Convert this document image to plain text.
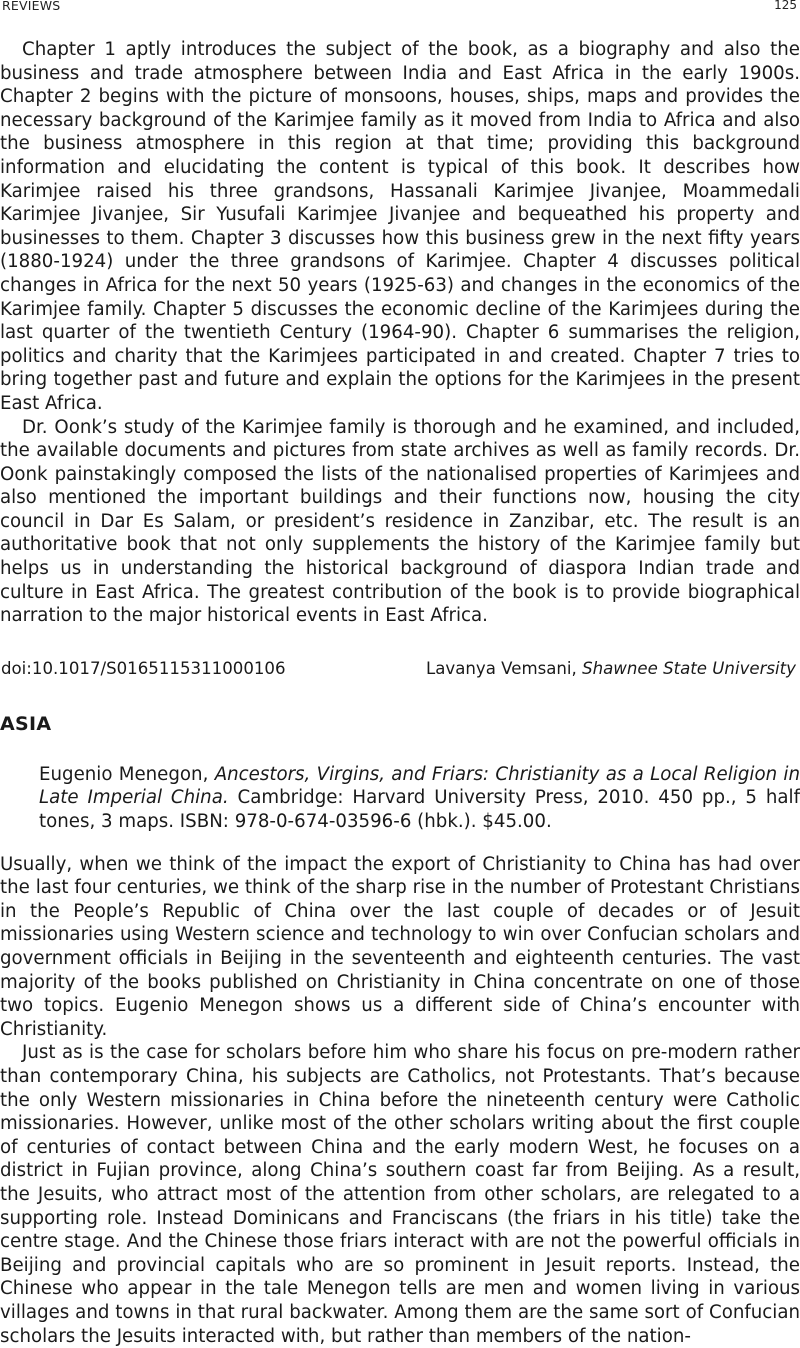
REVIEWS	125

Chapter 1 aptly introduces the subject of the book, as a biography and also the business and trade atmosphere between India and East Africa in the early 1900s. Chapter 2 begins with the picture of monsoons, houses, ships, maps and provides the necessary background of the Karimjee family as it moved from India to Africa and also the business atmosphere in this region at that time; providing this background information and elucidating the content is typical of this book. It describes how Karimjee raised his three grandsons, Hassanali Karimjee Jivanjee, Moammedali Karimjee Jivanjee, Sir Yusufali Karimjee Jivanjee and bequeathed his property and businesses to them. Chapter 3 discusses how this business grew in the next fifty years (1880-1924) under the three grandsons of Karimjee. Chapter 4 discusses political changes in Africa for the next 50 years (1925-63) and changes in the economics of the Karimjee family. Chapter 5 discusses the economic decline of the Karimjees during the last quarter of the twentieth Century (1964-90). Chapter 6 summarises the religion, politics and charity that the Karimjees participated in and created. Chapter 7 tries to bring together past and future and explain the options for the Karimjees in the present East Africa.

Dr. Oonk’s study of the Karimjee family is thorough and he examined, and included, the available documents and pictures from state archives as well as family records. Dr. Oonk painstakingly composed the lists of the nationalised properties of Karimjees and also mentioned the important buildings and their functions now, housing the city council in Dar Es Salam, or president’s residence in Zanzibar, etc. The result is an authoritative book that not only supplements the history of the Karimjee family but helps us in understanding the historical background of diaspora Indian trade and culture in East Africa. The greatest contribution of the book is to provide biographical narration to the major historical events in East Africa.

doi:10.1017/S0165115311000106	Lavanya Vemsani, Shawnee State University
ASIA
Eugenio Menegon, Ancestors, Virgins, and Friars: Christianity as a Local Religion in Late Imperial China. Cambridge: Harvard University Press, 2010. 450 pp., 5 half tones, 3 maps. ISBN: 978-0-674-03596-6 (hbk.). $45.00.

Usually, when we think of the impact the export of Christianity to China has had over the last four centuries, we think of the sharp rise in the number of Protestant Christians in the People’s Republic of China over the last couple of decades or of Jesuit missionaries using Western science and technology to win over Confucian scholars and government officials in Beijing in the seventeenth and eighteenth centuries. The vast majority of the books published on Christianity in China concentrate on one of those two topics. Eugenio Menegon shows us a different side of China’s encounter with Christianity.

Just as is the case for scholars before him who share his focus on pre-modern rather than contemporary China, his subjects are Catholics, not Protestants. That’s because the only Western missionaries in China before the nineteenth century were Catholic missionaries. However, unlike most of the other scholars writing about the first couple of centuries of contact between China and the early modern West, he focuses on a district in Fujian province, along China’s southern coast far from Beijing. As a result, the Jesuits, who attract most of the attention from other scholars, are relegated to a supporting role. Instead Dominicans and Franciscans (the friars in his title) take the centre stage. And the Chinese those friars interact with are not the powerful officials in Beijing and provincial capitals who are so prominent in Jesuit reports. Instead, the Chinese who appear in the tale Menegon tells are men and women living in various villages and towns in that rural backwater. Among them are the same sort of Confucian scholars the Jesuits interacted with, but rather than members of the nation-
